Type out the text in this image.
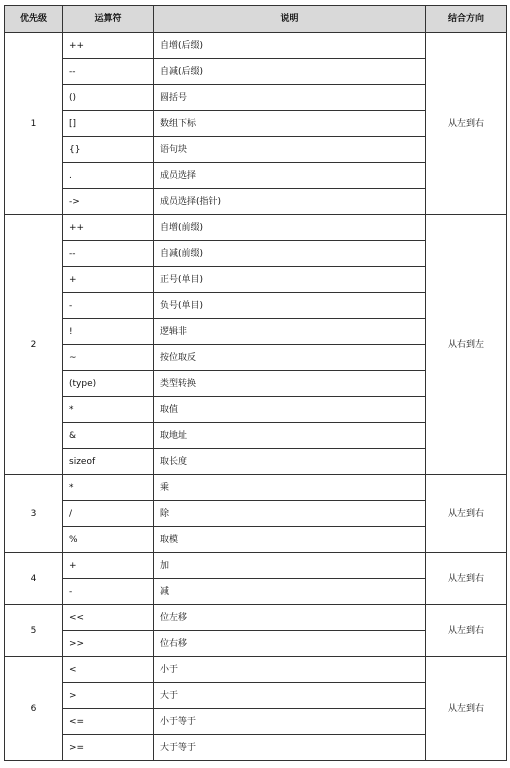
优先级	运算符	说明	结合方向
1	++	自增(后缀)	从左到右
	--	自减(后缀)	
	()	圆括号	
	[]	数组下标	
	{}	语句块	
	.	成员选择	
	->	成员选择(指针)	
2	++	自增(前缀)	从右到左
	--	自减(前缀)	
	+	正号(单目)	
	-	负号(单目)	
	!	逻辑非	
	~	按位取反	
	(type)	类型转换	
	*	取值	
	&	取地址	
	sizeof	取长度	
3	*	乘	从左到右
	/	除	
	%	取模	
4	+	加	从左到右
	-	减	
5	<<	位左移	从左到右
	>>	位右移	
6	<	小于	从左到右
	>	大于	
	<=	小于等于	
	>=	大于等于	
